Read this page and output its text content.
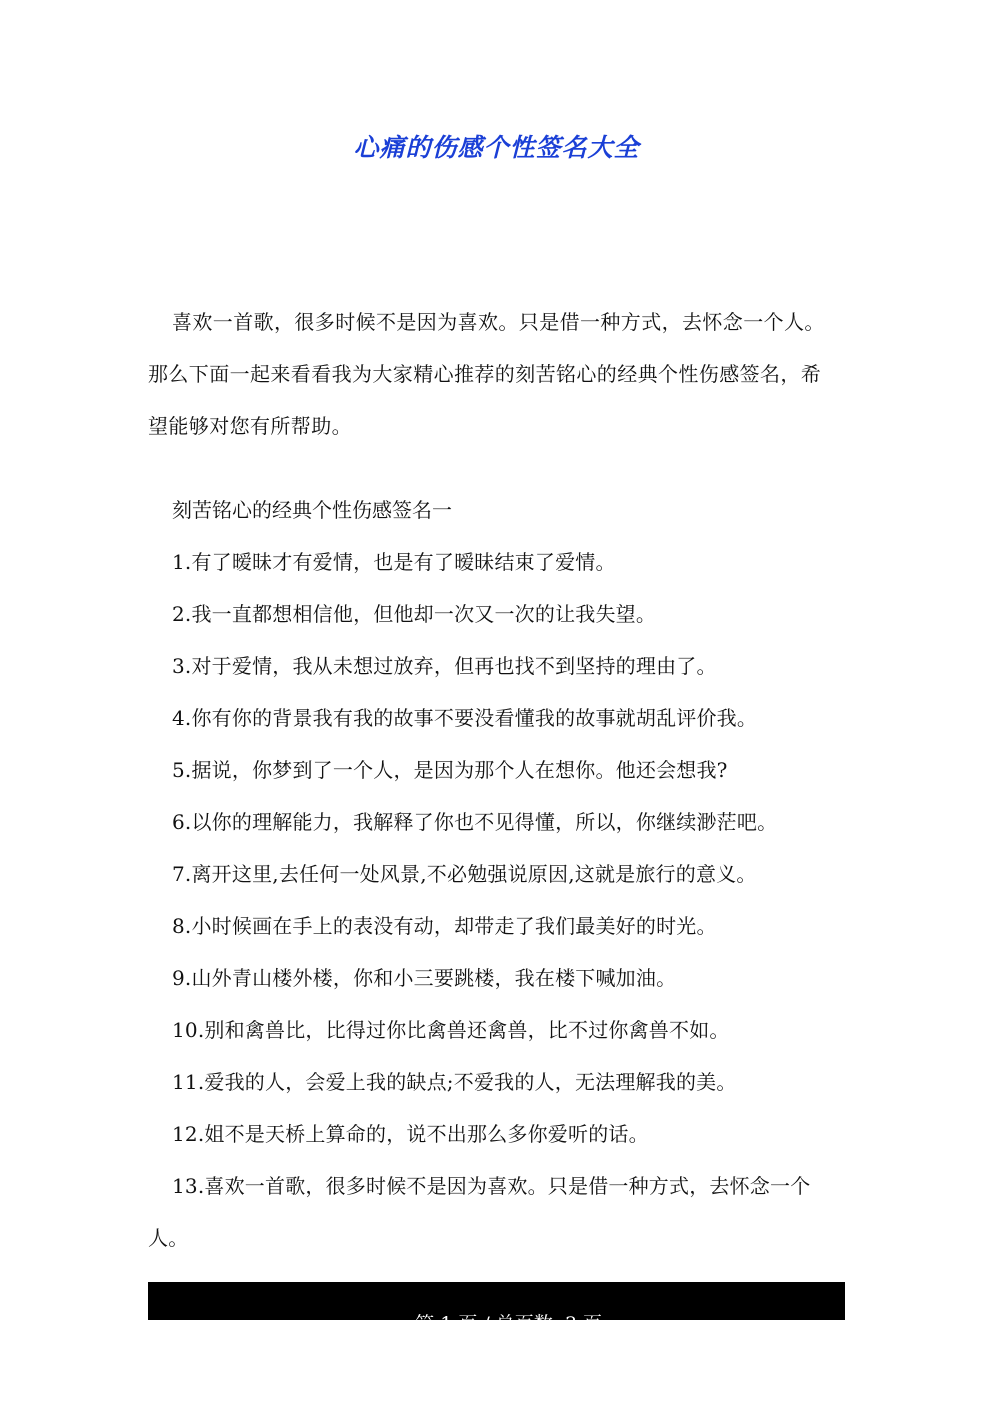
心痛的伤感个性签名大全

喜欢一首歌，很多时候不是因为喜欢。只是借一种方式，去怀念一个人。那么下面一起来看看我为大家精心推荐的刻苦铭心的经典个性伤感签名，希望能够对您有所帮助。

刻苦铭心的经典个性伤感签名一
1.有了暧昧才有爱情，也是有了暧昧结束了爱情。
2.我一直都想相信他，但他却一次又一次的让我失望。
3.对于爱情，我从未想过放弃，但再也找不到坚持的理由了。
4.你有你的背景我有我的故事不要没看懂我的故事就胡乱评价我。
5.据说，你梦到了一个人，是因为那个人在想你。他还会想我?
6.以你的理解能力，我解释了你也不见得懂，所以，你继续渺茫吧。
7.离开这里,去任何一处风景,不必勉强说原因,这就是旅行的意义。
8.小时候画在手上的表没有动，却带走了我们最美好的时光。
9.山外青山楼外楼，你和小三要跳楼，我在楼下喊加油。
10.别和禽兽比，比得过你比禽兽还禽兽，比不过你禽兽不如。
11.爱我的人，会爱上我的缺点;不爱我的人，无法理解我的美。
12.姐不是天桥上算命的，说不出那么多你爱听的话。
13.喜欢一首歌，很多时候不是因为喜欢。只是借一种方式，去怀念一个人。

第 1 页 / 总页数  3 页
